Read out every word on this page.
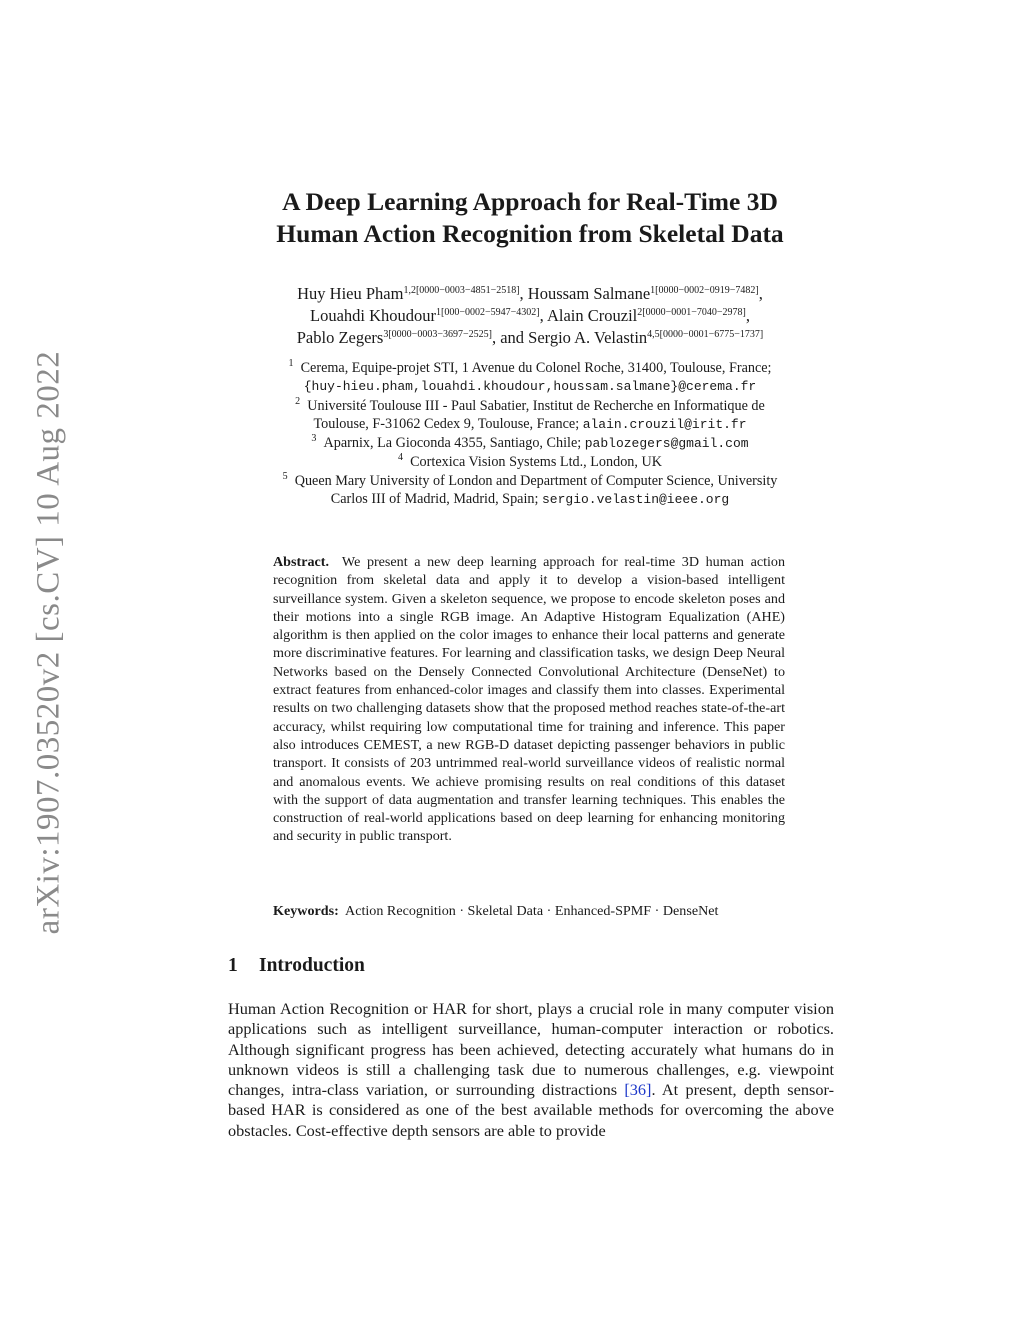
arXiv:1907.03520v2 [cs.CV] 10 Aug 2022
A Deep Learning Approach for Real-Time 3D
Human Action Recognition from Skeletal Data
Huy Hieu Pham$^{1,2[0000-0003-4851-2518]}$, Houssam Salmane$^{1[0000-0002-0919-7482]}$,
Louahdi Khoudour$^{1[000-0002-5947-4302]}$, Alain Crouzil$^{2[0000-0001-7040-2978]}$,
Pablo Zegers$^{3[0000-0003-3697-2525]}$, and Sergio A. Velastin$^{4,5[0000-0001-6775-1737]}$
$^1$ Cerema, Equipe-projet STI, 1 Avenue du Colonel Roche, 31400, Toulouse, France;
{huy-hieu.pham,louahdi.khoudour,houssam.salmane}@cerema.fr
$^2$ Université Toulouse III - Paul Sabatier, Institut de Recherche en Informatique de
Toulouse, F-31062 Cedex 9, Toulouse, France; alain.crouzil@irit.fr
$^3$ Aparnix, La Gioconda 4355, Santiago, Chile; pablozegers@gmail.com
$^4$ Cortexica Vision Systems Ltd., London, UK
$^5$ Queen Mary University of London and Department of Computer Science, University
Carlos III of Madrid, Madrid, Spain; sergio.velastin@ieee.org
Abstract. We present a new deep learning approach for real-time 3D human action recognition from skeletal data and apply it to develop a vision-based intelligent surveillance system. Given a skeleton sequence, we propose to encode skeleton poses and their motions into a single RGB image. An Adaptive Histogram Equalization (AHE) algorithm is then applied on the color images to enhance their local patterns and generate more discriminative features. For learning and classification tasks, we design Deep Neural Networks based on the Densely Connected Convolutional Architecture (DenseNet) to extract features from enhanced-color images and classify them into classes. Experimental results on two challenging datasets show that the proposed method reaches state-of-the-art accuracy, whilst requiring low computational time for training and inference. This paper also introduces CEMEST, a new RGB-D dataset depicting passenger behaviors in public transport. It consists of 203 untrimmed real-world surveillance videos of realistic normal and anomalous events. We achieve promising results on real conditions of this dataset with the support of data augmentation and transfer learning techniques. This enables the construction of real-world applications based on deep learning for enhancing monitoring and security in public transport.
Keywords: Action Recognition · Skeletal Data · Enhanced-SPMF · DenseNet
1 Introduction
Human Action Recognition or HAR for short, plays a crucial role in many computer vision applications such as intelligent surveillance, human-computer interaction or robotics. Although significant progress has been achieved, detecting accurately what humans do in unknown videos is still a challenging task due to numerous challenges, e.g. viewpoint changes, intra-class variation, or surrounding distractions [36]. At present, depth sensor-based HAR is considered as one of the best available methods for overcoming the above obstacles. Cost-effective depth sensors are able to provide
